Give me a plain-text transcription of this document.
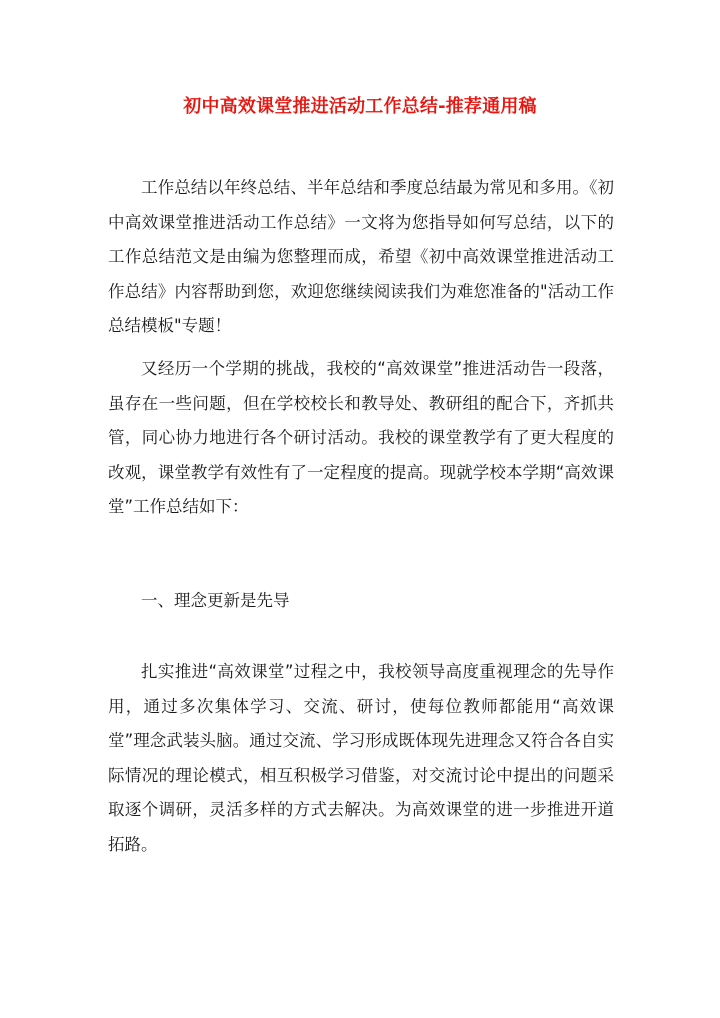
初中高效课堂推进活动工作总结-推荐通用稿

工作总结以年终总结、半年总结和季度总结最为常见和多用。《初中高效课堂推进活动工作总结》一文将为您指导如何写总结，以下的工作总结范文是由编为您整理而成，希望《初中高效课堂推进活动工作总结》内容帮助到您，欢迎您继续阅读我们为难您准备的"活动工作总结模板"专题！

又经历一个学期的挑战，我校的“高效课堂”推进活动告一段落，虽存在一些问题，但在学校校长和教导处、教研组的配合下，齐抓共管，同心协力地进行各个研讨活动。我校的课堂教学有了更大程度的改观，课堂教学有效性有了一定程度的提高。现就学校本学期“高效课堂”工作总结如下：

一、理念更新是先导

扎实推进“高效课堂”过程之中，我校领导高度重视理念的先导作用，通过多次集体学习、交流、研讨，使每位教师都能用“高效课堂”理念武装头脑。通过交流、学习形成既体现先进理念又符合各自实际情况的理论模式，相互积极学习借鉴，对交流讨论中提出的问题采取逐个调研，灵活多样的方式去解决。为高效课堂的进一步推进开道拓路。
